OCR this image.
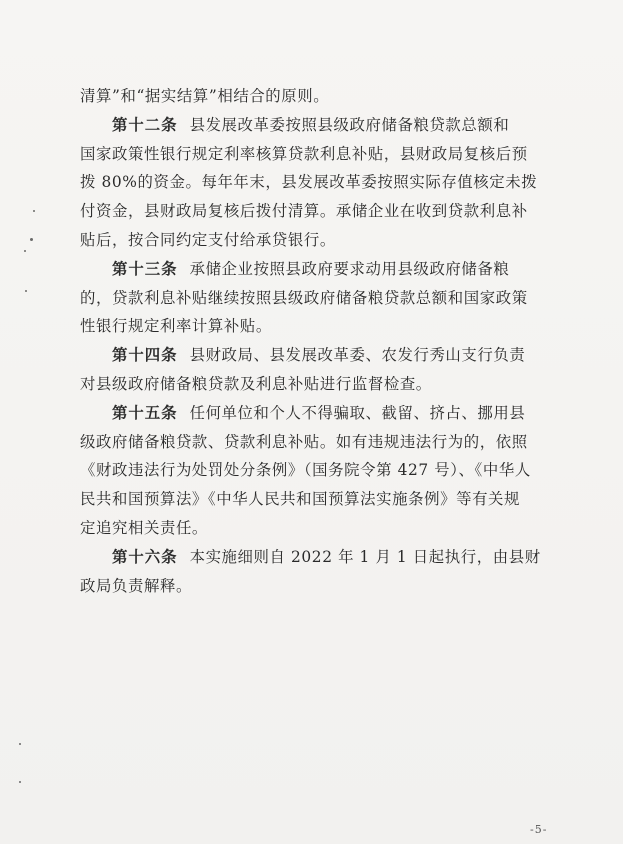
清算”和“据实结算”相结合的原则。
第十二条 县发展改革委按照县级政府储备粮贷款总额和
国家政策性银行规定利率核算贷款利息补贴，县财政局复核后预
拨 80%的资金。每年年末，县发展改革委按照实际存值核定未拨
付资金，县财政局复核后拨付清算。承储企业在收到贷款利息补
贴后，按合同约定支付给承贷银行。
第十三条 承储企业按照县政府要求动用县级政府储备粮
的，贷款利息补贴继续按照县级政府储备粮贷款总额和国家政策
性银行规定利率计算补贴。
第十四条 县财政局、县发展改革委、农发行秀山支行负责
对县级政府储备粮贷款及利息补贴进行监督检查。
第十五条 任何单位和个人不得骗取、截留、挤占、挪用县
级政府储备粮贷款、贷款利息补贴。如有违规违法行为的，依照
《财政违法行为处罚处分条例》（国务院令第 427 号）、《中华人
民共和国预算法》《中华人民共和国预算法实施条例》等有关规
定追究相关责任。
第十六条 本实施细则自 2022 年 1 月 1 日起执行，由县财
政局负责解释。
-5-
